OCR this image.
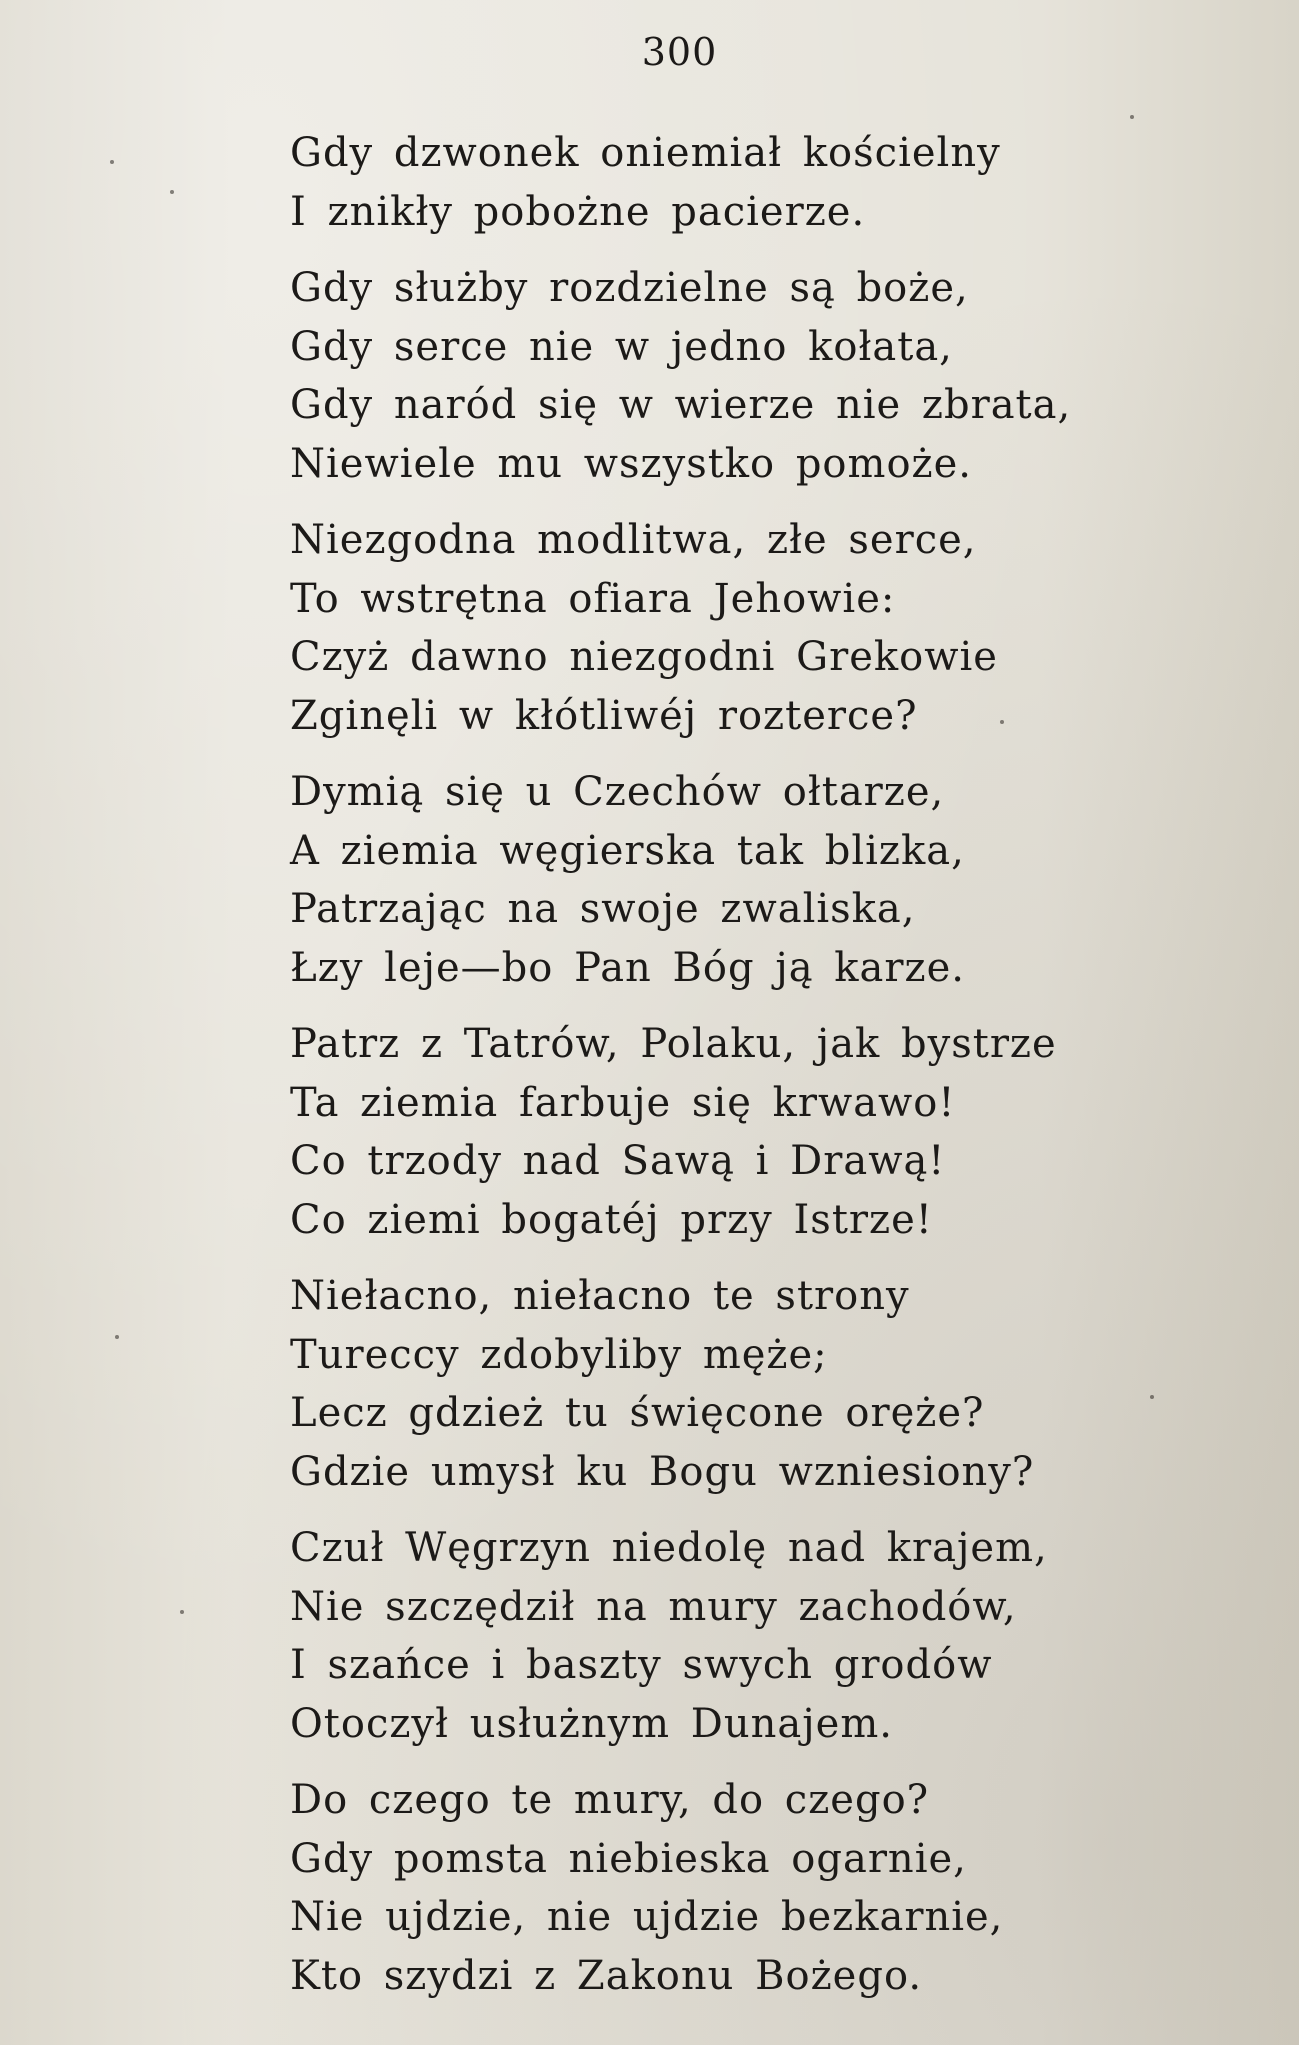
300
Gdy dzwonek oniemiał kościelny
I znikły pobożne pacierze.
Gdy służby rozdzielne są boże,
Gdy serce nie w jedno kołata,
Gdy naród się w wierze nie zbrata,
Niewiele mu wszystko pomoże.
Niezgodna modlitwa, złe serce,
To wstrętna ofiara Jehowie:
Czyż dawno niezgodni Grekowie
Zginęli w kłótliwéj roztercе?
Dymią się u Czechów ołtarze,
A ziemia węgierska tak blizka,
Patrzając na swoje zwaliska,
Łzy leje—bo Pan Bóg ją karze.
Patrz z Tatrów, Polaku, jak bystrze
Ta ziemia farbuje się krwawo!
Co trzody nad Sawą i Drawą!
Co ziemi bogatéj przy Istrze!
Niełacno, niełacno te strony
Tureccy zdobyliby męże;
Lecz gdzież tu święcone oręże?
Gdzie umysł ku Bogu wzniesiony?
Czuł Węgrzyn niedolę nad krajem,
Nie szczędził na mury zachodów,
I szańce i baszty swych grodów
Otoczył usłużnym Dunajem.
Do czego te mury, do czego?
Gdy pomsta niebieska ogarnie,
Nie ujdzie, nie ujdzie bezkarnie,
Kto szydzi z Zakonu Bożego.
